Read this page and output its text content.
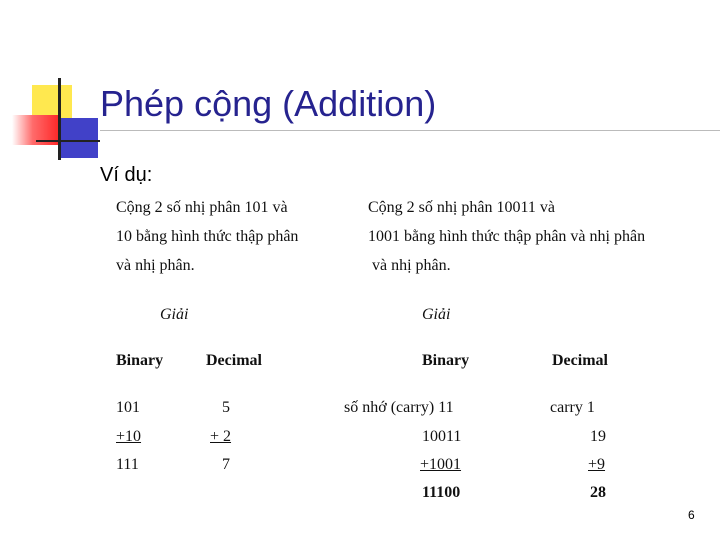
Phép cộng (Addition)
Ví dụ:
Cộng 2 số nhị phân 101 và
10 bằng hình thức thập phân
và nhị phân.
Giải
Binary	Decimal
101
+10
111
5
+ 2
7
Cộng 2 số nhị phân 10011 và
1001 bằng hình thức thập phân và nhị phân
và nhị phân.
Giải
Binary	Decimal
số nhớ (carry) 11
10011
+1001
11100
carry 1
19
+9
28
6
